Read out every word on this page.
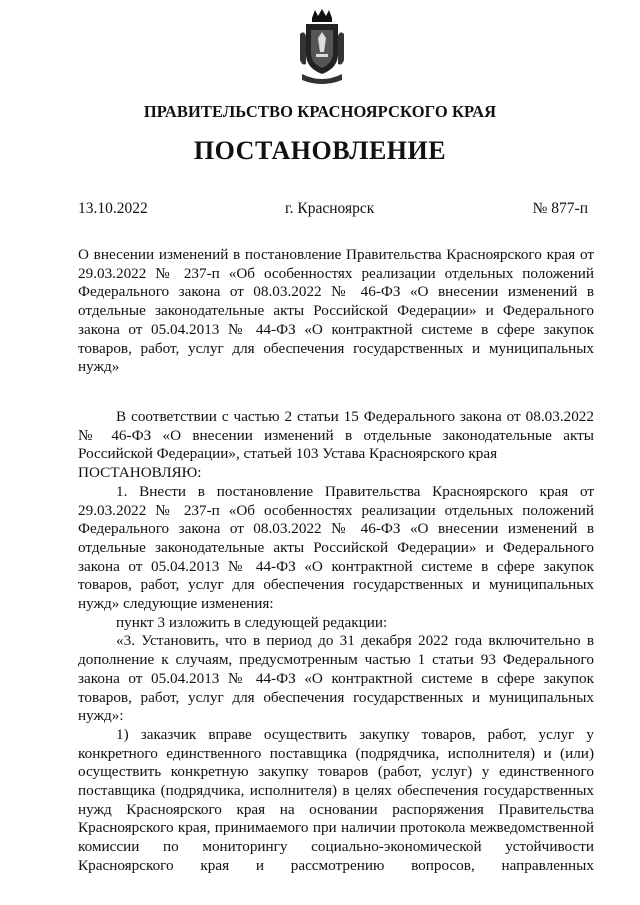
ПРАВИТЕЛЬСТВО КРАСНОЯРСКОГО КРАЯ
ПОСТАНОВЛЕНИЕ
13.10.2022	г. Красноярск	№ 877-п
О внесении изменений в постановление Правительства Красноярского края от 29.03.2022 № 237-п «Об особенностях реализации отдельных положений Федерального закона от 08.03.2022 № 46-ФЗ «О внесении изменений в отдельные законодательные акты Российской Федерации» и Федерального закона от 05.04.2013 № 44-ФЗ «О контрактной системе в сфере закупок товаров, работ, услуг для обеспечения государственных и муниципальных нужд»

В соответствии с частью 2 статьи 15 Федерального закона от 08.03.2022 № 46-ФЗ «О внесении изменений в отдельные законодательные акты Российской Федерации», статьей 103 Устава Красноярского края

ПОСТАНОВЛЯЮ:

1. Внести в постановление Правительства Красноярского края от 29.03.2022 № 237-п «Об особенностях реализации отдельных положений Федерального закона от 08.03.2022 № 46-ФЗ «О внесении изменений в отдельные законодательные акты Российской Федерации» и Федерального закона от 05.04.2013 № 44-ФЗ «О контрактной системе в сфере закупок товаров, работ, услуг для обеспечения государственных и муниципальных нужд» следующие изменения:

пункт 3 изложить в следующей редакции:

«3. Установить, что в период до 31 декабря 2022 года включительно в дополнение к случаям, предусмотренным частью 1 статьи 93 Федерального закона от 05.04.2013 № 44-ФЗ «О контрактной системе в сфере закупок товаров, работ, услуг для обеспечения государственных и муниципальных нужд»:

1) заказчик вправе осуществить закупку товаров, работ, услуг у конкретного единственного поставщика (подрядчика, исполнителя) и (или) осуществить конкретную закупку товаров (работ, услуг) у единственного поставщика (подрядчика, исполнителя) в целях обеспечения государственных нужд Красноярского края на основании распоряжения Правительства Красноярского края, принимаемого при наличии протокола межведомственной комиссии по мониторингу социально-экономической устойчивости Красноярского края и рассмотрению вопросов, направленных
